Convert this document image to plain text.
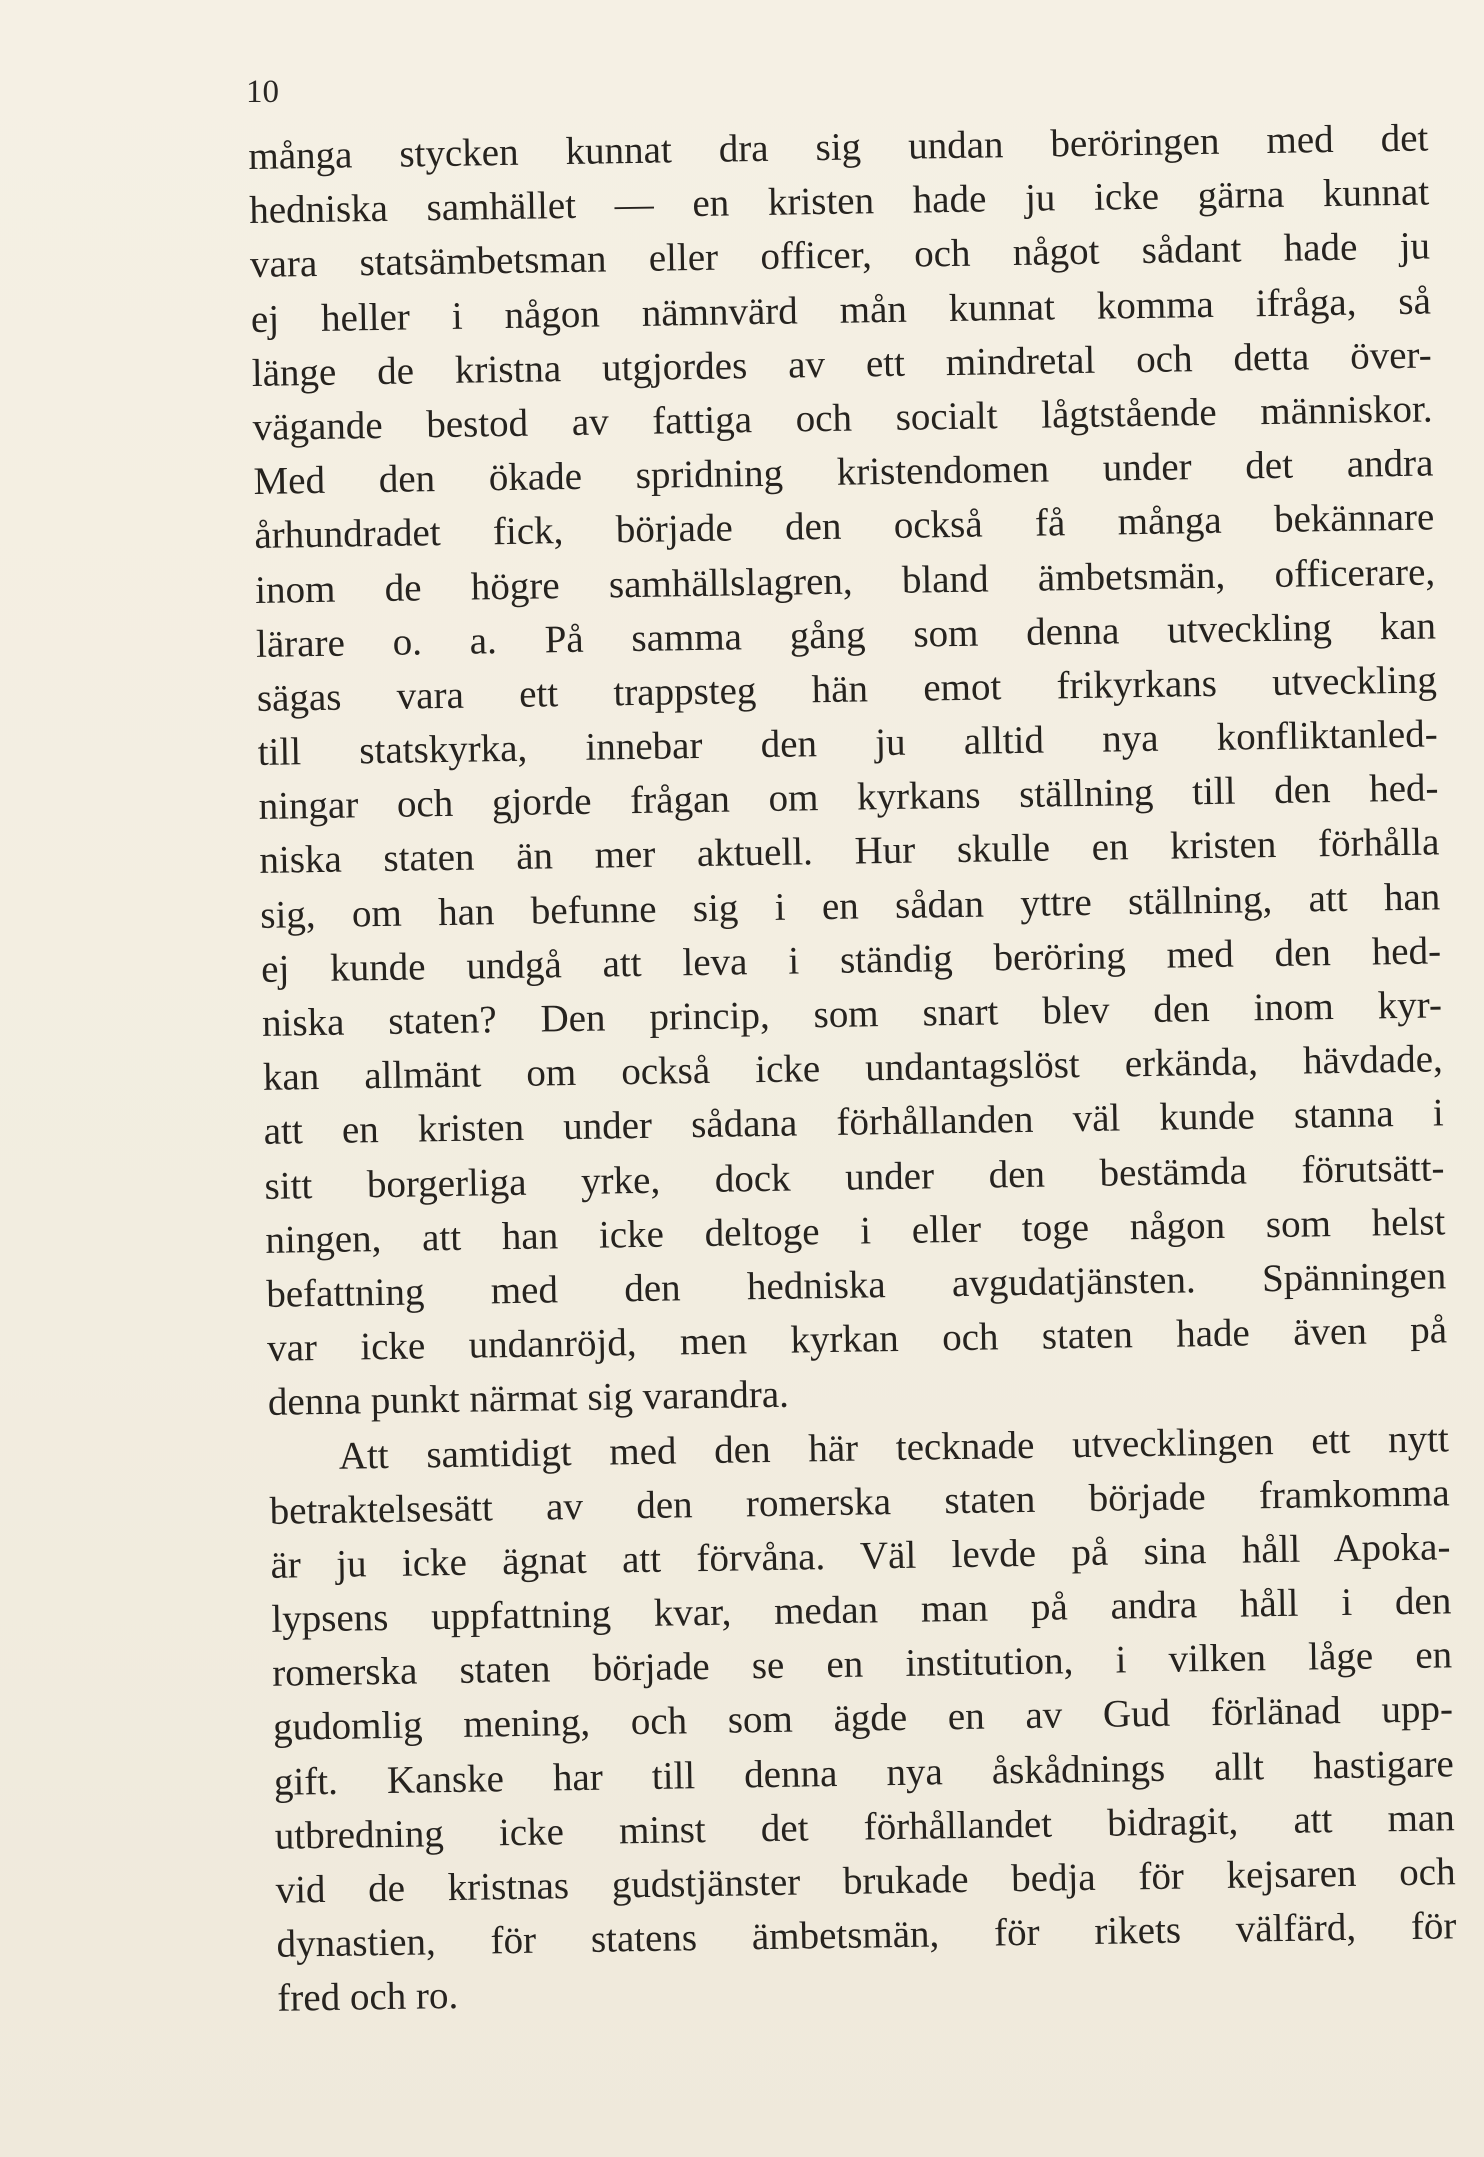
10
många stycken kunnat dra sig undan beröringen med det
hedniska samhället — en kristen hade ju icke gärna kunnat
vara statsämbetsman eller officer, och något sådant hade ju
ej heller i någon nämnvärd mån kunnat komma ifråga, så
länge de kristna utgjordes av ett mindretal och detta över-
vägande bestod av fattiga och socialt lågtstående människor.
Med den ökade spridning kristendomen under det andra
århundradet fick, började den också få många bekännare
inom de högre samhällslagren, bland ämbetsmän, officerare,
lärare o. a. På samma gång som denna utveckling kan
sägas vara ett trappsteg hän emot frikyrkans utveckling
till statskyrka, innebar den ju alltid nya konfliktanled-
ningar och gjorde frågan om kyrkans ställning till den hed-
niska staten än mer aktuell. Hur skulle en kristen förhålla
sig, om han befunne sig i en sådan yttre ställning, att han
ej kunde undgå att leva i ständig beröring med den hed-
niska staten? Den princip, som snart blev den inom kyr-
kan allmänt om också icke undantagslöst erkända, hävdade,
att en kristen under sådana förhållanden väl kunde stanna i
sitt borgerliga yrke, dock under den bestämda förutsätt-
ningen, att han icke deltoge i eller toge någon som helst
befattning med den hedniska avgudatjänsten. Spänningen
var icke undanröjd, men kyrkan och staten hade även på
denna punkt närmat sig varandra.
Att samtidigt med den här tecknade utvecklingen ett nytt
betraktelsesätt av den romerska staten började framkomma
är ju icke ägnat att förvåna. Väl levde på sina håll Apoka-
lypsens uppfattning kvar, medan man på andra håll i den
romerska staten började se en institution, i vilken låge en
gudomlig mening, och som ägde en av Gud förlänad upp-
gift. Kanske har till denna nya åskådnings allt hastigare
utbredning icke minst det förhållandet bidragit, att man
vid de kristnas gudstjänster brukade bedja för kejsaren och
dynastien, för statens ämbetsmän, för rikets välfärd, för
fred och ro.
